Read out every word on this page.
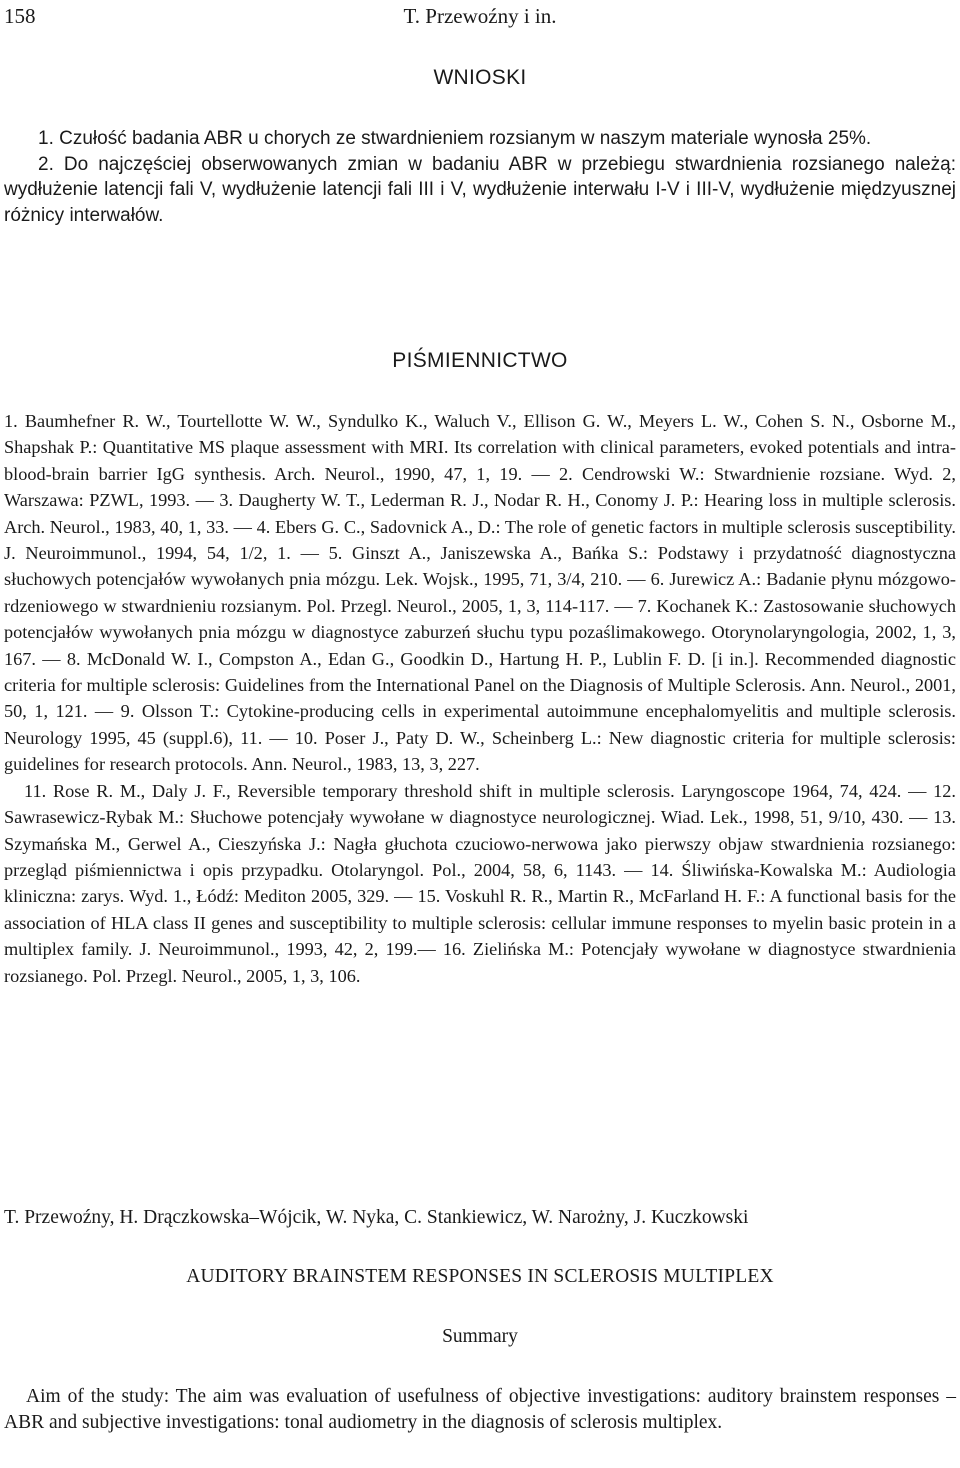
158	T. Przewoźny i in.
WNIOSKI

1. Czułość badania ABR u chorych ze stwardnieniem rozsianym w naszym materiale wynosła 25%.

2. Do najczęściej obserwowanych zmian w badaniu ABR w przebiegu stwardnienia rozsianego należą: wydłużenie latencji fali V, wydłużenie latencji fali III i V, wydłużenie interwału I-V i III-V, wydłużenie międzyusznej różnicy interwałów.

PIŚMIENNICTWO

1. Baumhefner R. W., Tourtellotte W. W., Syndulko K., Waluch V., Ellison G. W., Meyers L. W., Cohen S. N., Osborne M., Shapshak P.: Quantitative MS plaque assessment with MRI. Its correlation with clinical parameters, evoked potentials and intra-blood-brain barrier IgG synthesis. Arch. Neurol., 1990, 47, 1, 19. — 2. Cendrowski W.: Stwardnienie rozsiane. Wyd. 2, Warszawa: PZWL, 1993. — 3. Daugherty W. T., Lederman R. J., Nodar R. H., Conomy J. P.: Hearing loss in multiple sclerosis. Arch. Neurol., 1983, 40, 1, 33. — 4. Ebers G. C., Sadovnick A., D.: The role of genetic factors in multiple sclerosis susceptibility. J. Neuroimmunol., 1994, 54, 1/2, 1. — 5. Ginszt A., Janiszewska A., Bańka S.: Podstawy i przydatność diagnostyczna słuchowych potencjałów wywołanych pnia mózgu. Lek. Wojsk., 1995, 71, 3/4, 210. — 6. Jurewicz A.: Badanie płynu mózgowo-rdzeniowego w stwardnieniu rozsianym. Pol. Przegl. Neurol., 2005, 1, 3, 114-117. — 7. Kochanek K.: Zastosowanie słuchowych potencjałów wywołanych pnia mózgu w diagnostyce zaburzeń słuchu typu pozaślimakowego. Otorynolaryngologia, 2002, 1, 3, 167. — 8. McDonald W. I., Compston A., Edan G., Goodkin D., Hartung H. P., Lublin F. D. [i in.]. Recommended diagnostic criteria for multiple sclerosis: Guidelines from the International Panel on the Diagnosis of Multiple Sclerosis. Ann. Neurol., 2001, 50, 1, 121. — 9. Olsson T.: Cytokine-producing cells in experimental autoimmune encephalomyelitis and multiple sclerosis. Neurology 1995, 45 (suppl.6), 11. — 10. Poser J., Paty D. W., Scheinberg L.: New diagnostic criteria for multiple sclerosis: guidelines for research protocols. Ann. Neurol., 1983, 13, 3, 227.

11. Rose R. M., Daly J. F., Reversible temporary threshold shift in multiple sclerosis. Laryngoscope 1964, 74, 424. — 12. Sawrasewicz-Rybak M.: Słuchowe potencjały wywołane w diagnostyce neurologicznej. Wiad. Lek., 1998, 51, 9/10, 430. — 13. Szymańska M., Gerwel A., Cieszyńska J.: Nagła głuchota czuciowo-nerwowa jako pierwszy objaw stwardnienia rozsianego: przegląd piśmiennictwa i opis przypadku. Otolaryngol. Pol., 2004, 58, 6, 1143. — 14. Śliwińska-Kowalska M.: Audiologia kliniczna: zarys. Wyd. 1., Łódź: Mediton 2005, 329. — 15. Voskuhl R. R., Martin R., McFarland H. F.: A functional basis for the association of HLA class II genes and susceptibility to multiple sclerosis: cellular immune responses to myelin basic protein in a multiplex family. J. Neuroimmunol., 1993, 42, 2, 199.— 16. Zielińska M.: Potencjały wywołane w diagnostyce stwardnienia rozsianego. Pol. Przegl. Neurol., 2005, 1, 3, 106.

T. Przewoźny, H. Drączkowska–Wójcik, W. Nyka, C. Stankiewicz, W. Narożny, J. Kuczkowski
AUDITORY BRAINSTEM RESPONSES IN SCLEROSIS MULTIPLEX
Summary
Aim of the study: The aim was evaluation of usefulness of objective investigations: auditory brainstem responses – ABR and subjective investigations: tonal audiometry in the diagnosis of sclerosis multiplex.
